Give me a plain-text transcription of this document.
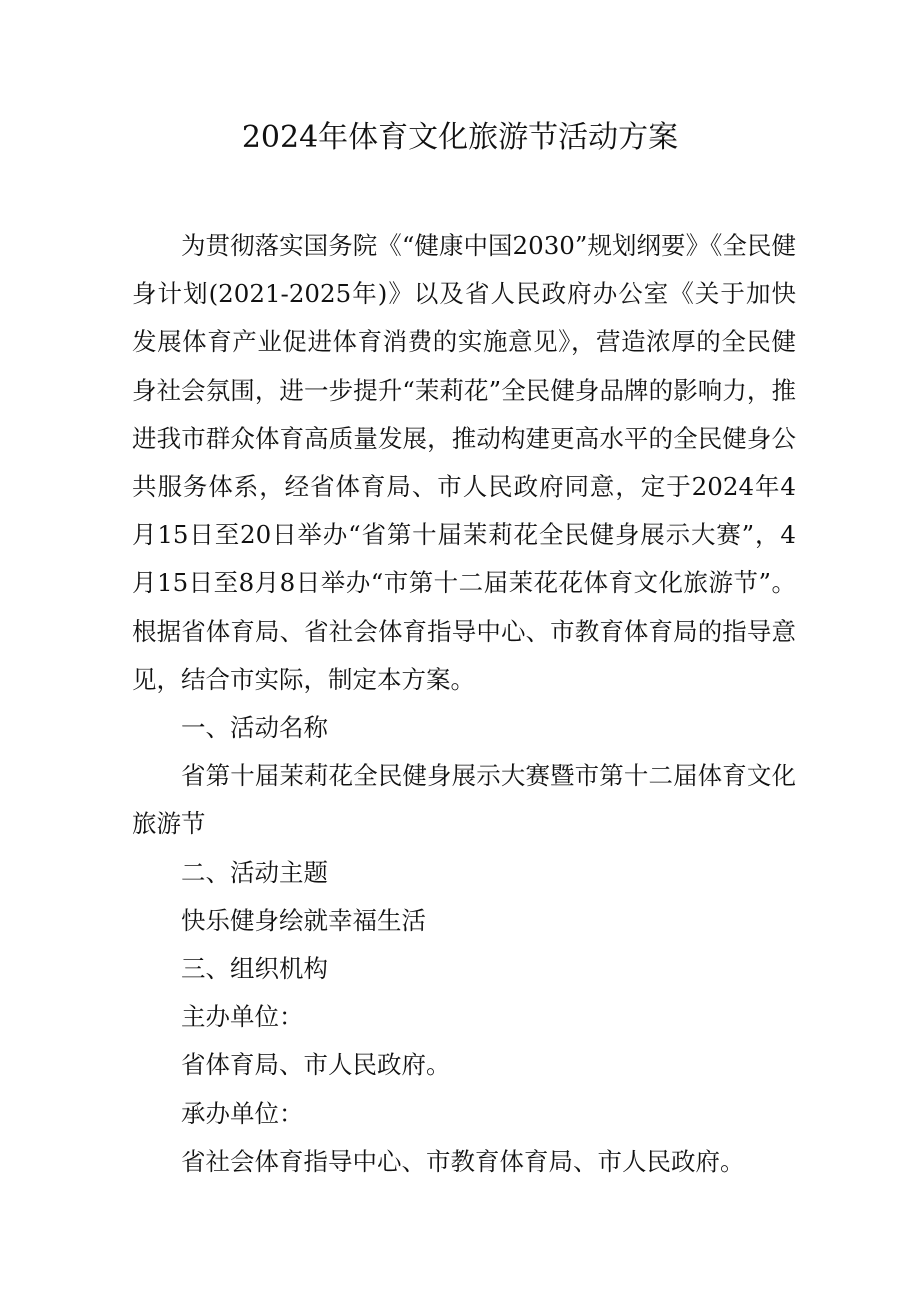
2024年体育文化旅游节活动方案

为贯彻落实国务院《“健康中国2030”规划纲要》《全民健身计划(2021-2025年)》以及省人民政府办公室《关于加快发展体育产业促进体育消费的实施意见》，营造浓厚的全民健身社会氛围，进一步提升“茉莉花”全民健身品牌的影响力，推进我市群众体育高质量发展，推动构建更高水平的全民健身公共服务体系，经省体育局、市人民政府同意，定于2024年4月15日至20日举办“省第十届茉莉花全民健身展示大赛”，4月15日至8月8日举办“市第十二届茉花花体育文化旅游节”。根据省体育局、省社会体育指导中心、市教育体育局的指导意见，结合市实际，制定本方案。

一、活动名称

省第十届茉莉花全民健身展示大赛暨市第十二届体育文化旅游节

二、活动主题

快乐健身绘就幸福生活

三、组织机构

主办单位：

省体育局、市人民政府。

承办单位：

省社会体育指导中心、市教育体育局、市人民政府。
